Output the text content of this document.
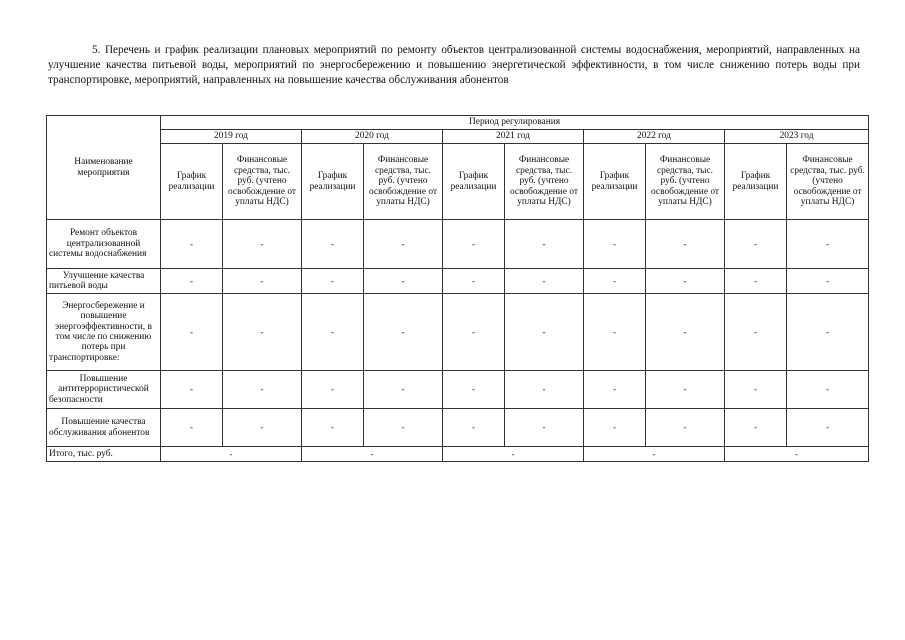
5. Перечень и график реализации плановых мероприятий по ремонту объектов централизованной системы водоснабжения, мероприятий, направленных на улучшение качества питьевой воды, мероприятий по энергосбережению и повышению энергетической эффективности, в том числе снижению потерь воды при транспортировке, мероприятий, направленных на повышение качества обслуживания абонентов
Наименование мероприятия	Период регулирования									
	2019 год		2020 год		2021 год		2022 год		2023 год	
	График реализации	Финансовые средства, тыс. руб. (учтено освобождение от уплаты НДС)	График реализации	Финансовые средства, тыс. руб. (учтено освобождение от уплаты НДС)	График реализации	Финансовые средства, тыс. руб. (учтено освобождение от уплаты НДС)	График реализации	Финансовые средства, тыс. руб. (учтено освобождение от уплаты НДС)	График реализации	Финансовые средства, тыс. руб. (учтено освобождение от уплаты НДС)
Ремонт объектов централизованной системы водоснабжения	-	-	-	-	-	-	-	-	-	-
Улучшение качества питьевой воды	-	-	-	-	-	-	-	-	-	-
Энергосбережение и повышение энергоэффективности, в том числе по снижению потерь при транспортировке:	-	-	-	-	-	-	-	-	-	-
Повышение антитеррористической безопасности	-	-	-	-	-	-	-	-	-	-
Повышение качества обслуживания абонентов	-	-	-	-	-	-	-	-	-	-
Итого, тыс. руб.	-		-		-		-		-	
